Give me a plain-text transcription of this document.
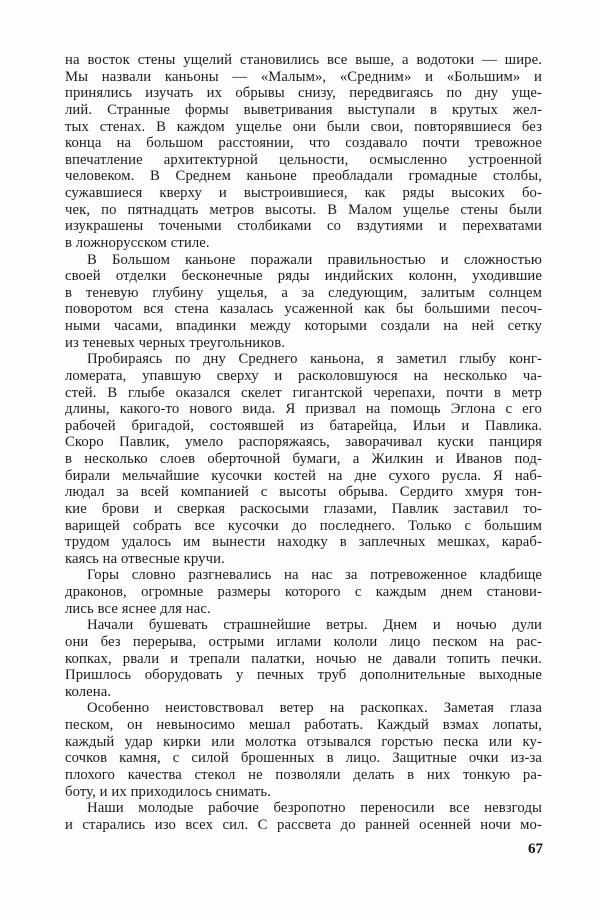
на восток стены ущелий становились все выше, а водотоки — шире.
Мы назвали каньоны — «Малым», «Средним» и «Большим» и
принялись изучать их обрывы снизу, передвигаясь по дну уще-
лий. Странные формы выветривания выступали в крутых жел-
тых стенах. В каждом ущелье они были свои, повторявшиеся без
конца на большом расстоянии, что создавало почти тревожное
впечатление архитектурной цельности, осмысленно устроенной
человеком. В Среднем каньоне преобладали громадные столбы,
сужавшиеся кверху и выстроившиеся, как ряды высоких бо-
чек, по пятнадцать метров высоты. В Малом ущелье стены были
изукрашены точеными столбиками со вздутиями и перехватами
в ложнорусском стиле.
В Большом каньоне поражали правильностью и сложностью
своей отделки бесконечные ряды индийских колонн, уходившие
в теневую глубину ущелья, а за следующим, залитым солнцем
поворотом вся стена казалась усаженной как бы большими песоч-
ными часами, впадинки между которыми создали на ней сетку
из теневых черных треугольников.
Пробираясь по дну Среднего каньона, я заметил глыбу конг-
ломерата, упавшую сверху и расколовшуюся на несколько ча-
стей. В глыбе оказался скелет гигантской черепахи, почти в метр
длины, какого-то нового вида. Я призвал на помощь Эглона с его
рабочей бригадой, состоявшей из батарейца, Ильи и Павлика.
Скоро Павлик, умело распоряжаясь, заворачивал куски панциря
в несколько слоев оберточной бумаги, а Жилкин и Иванов под-
бирали мельчайшие кусочки костей на дне сухого русла. Я наб-
людал за всей компанией с высоты обрыва. Сердито хмуря тон-
кие брови и сверкая раскосыми глазами, Павлик заставил то-
варищей собрать все кусочки до последнего. Только с большим
трудом удалось им вынести находку в заплечных мешках, караб-
каясь на отвесные кручи.
Горы словно разгневались на нас за потревоженное кладбище
драконов, огромные размеры которого с каждым днем станови-
лись все яснее для нас.
Начали бушевать страшнейшие ветры. Днем и ночью дули
они без перерыва, острыми иглами кололи лицо песком на рас-
копках, рвали и трепали палатки, ночью не давали топить печки.
Пришлось оборудовать у печных труб дополнительные выходные
колена.
Особенно неистовствовал ветер на раскопках. Заметая глаза
песком, он невыносимо мешал работать. Каждый взмах лопаты,
каждый удар кирки или молотка отзывался горстью песка или ку-
сочков камня, с силой брошенных в лицо. Защитные очки из-за
плохого качества стекол не позволяли делать в них тонкую ра-
боту, и их приходилось снимать.
Наши молодые рабочие безропотно переносили все невзгоды
и старались изо всех сил. С рассвета до ранней осенней ночи мо-
67
